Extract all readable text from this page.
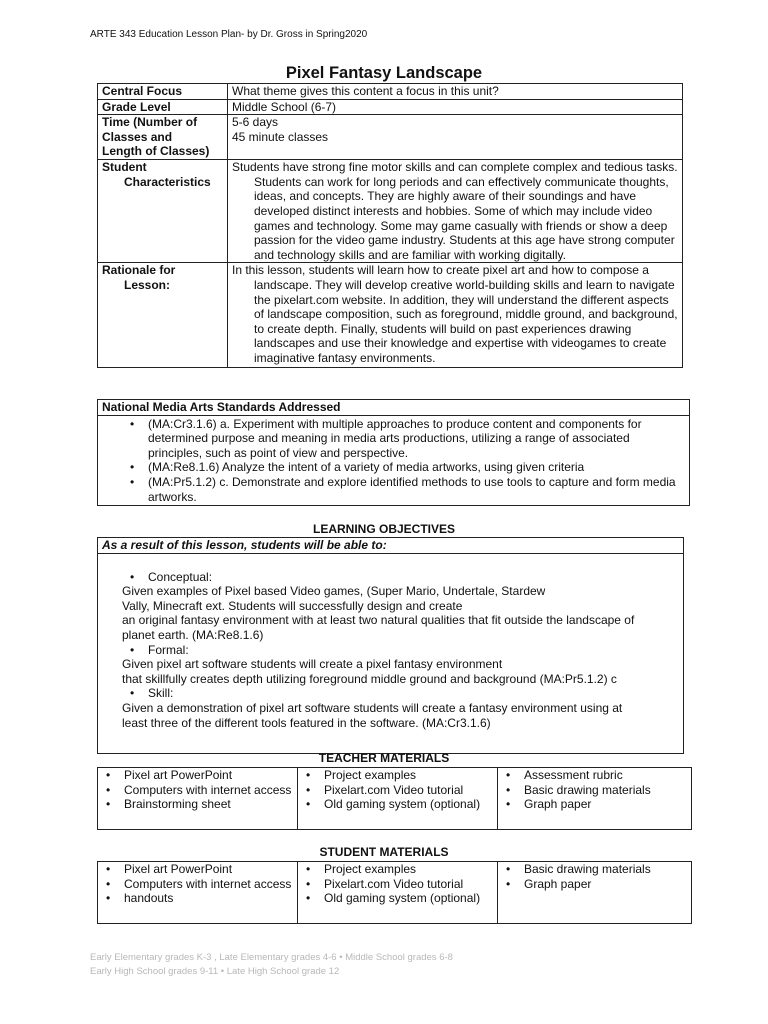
ARTE 343 Education Lesson Plan- by Dr. Gross in Spring2020
Pixel Fantasy Landscape
Central Focus	What theme gives this content a focus in this unit?
Grade Level	Middle School (6-7)
Time (Number of Classes and Length of Classes)	5-6 days
45 minute classes

Student Characteristics	Students have strong fine motor skills and can complete complex and tedious tasks. Students can work for long periods and can effectively communicate thoughts, ideas, and concepts. They are highly aware of their soundings and have developed distinct interests and hobbies. Some of which may include video games and technology. Some may game casually with friends or show a deep passion for the video game industry. Students at this age have strong computer and technology skills and are familiar with working digitally.
Rationale for Lesson:	In this lesson, students will learn how to create pixel art and how to compose a landscape. They will develop creative world-building skills and learn to navigate the pixelart.com website. In addition, they will understand the different aspects of landscape composition, such as foreground, middle ground, and background, to create depth. Finally, students will build on past experiences drawing landscapes and use their knowledge and expertise with videogames to create imaginative fantasy environments.
National Media Arts Standards Addressed

• (MA:Cr3.1.6) a. Experiment with multiple approaches to produce content and components for determined purpose and meaning in media arts productions, utilizing a range of associated principles, such as point of view and perspective.
• (MA:Re8.1.6) Analyze the intent of a variety of media artworks, using given criteria
• (MA:Pr5.1.2) c. Demonstrate and explore identified methods to use tools to capture and form media artworks.
LEARNING OBJECTIVES
As a result of this lesson, students will be able to:

• Conceptual:
Given examples of Pixel based Video games, (Super Mario, Undertale, Stardew
Vally, Minecraft ext. Students will successfully design and create
an original fantasy environment with at least two natural qualities that fit outside the landscape of
planet earth. (MA:Re8.1.6)
• Formal:
Given pixel art software students will create a pixel fantasy environment
that skillfully creates depth utilizing foreground middle ground and background (MA:Pr5.1.2) c
• Skill:
Given a demonstration of pixel art software students will create a fantasy environment using at
least three of the different tools featured in the software. (MA:Cr3.1.6)
TEACHER MATERIALS
• Pixel art PowerPoint
• Computers with internet access
• Brainstorming sheet

• Project examples
• Pixelart.com Video tutorial
• Old gaming system (optional)

• Assessment rubric
• Basic drawing materials
• Graph paper
STUDENT MATERIALS
• Pixel art PowerPoint
• Computers with internet access
• handouts

• Project examples
• Pixelart.com Video tutorial
• Old gaming system (optional)

• Basic drawing materials
• Graph paper
Early Elementary grades K-3 , Late Elementary grades 4-6 • Middle School grades 6-8
Early High School grades 9-11 • Late High School grade 12
